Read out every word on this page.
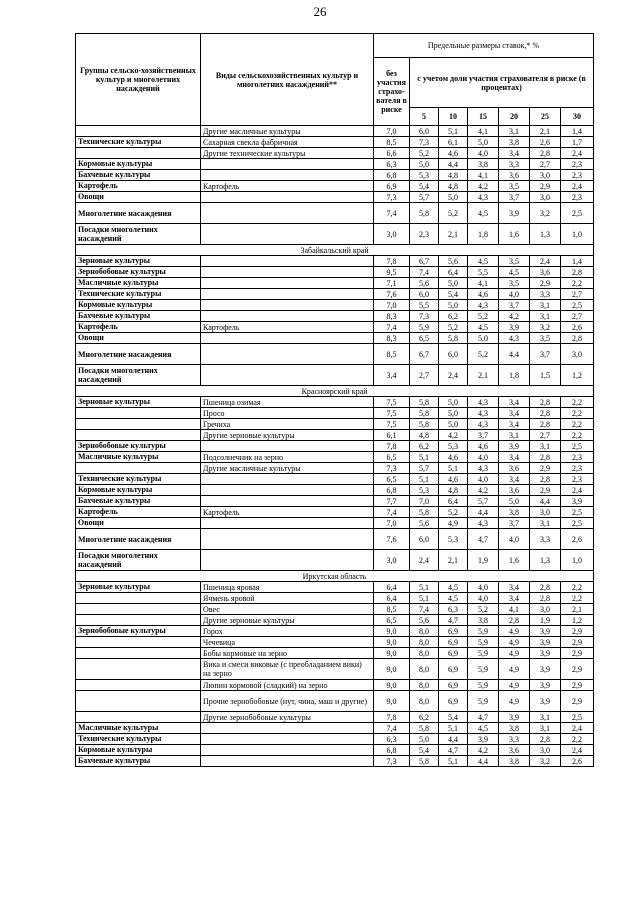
26
Группы сельско-хозяйственных культур и многолетних насаждений	Виды сельскохозяйственных культур и многолетних насаждений**	Предельные размеры ставок,* %						
		без участия страхо-вателя в риске	с учетом доли участия страхователя в риске (в процентах)					
			5	10	15	20	25	30
	Другие масличные культуры	7,0	6,0	5,1	4,1	3,1	2,1	1,4
Технические культуры	Сахарная свекла фабричная	8,5	7,3	6,1	5,0	3,8	2,6	1,7
	Другие технические культуры	6,6	5,2	4,6	4,0	3,4	2,8	2,4
Кормовые культуры		6,3	5,0	4,4	3,8	3,3	2,7	2,3
Бахчевые культуры		6,8	5,3	4,8	4,1	3,6	3,0	2,3
Картофель	Картофель	6,9	5,4	4,8	4,2	3,5	2,9	2,4
Овощи		7,3	5,7	5,0	4,3	3,7	3,0	2,3
Многолетние насаждения		7,4	5,8	5,2	4,5	3,9	3,2	2,5
Посадки многолетних насаждений		3,0	2,3	2,1	1,8	1,6	1,3	1,0
Забайкальский край								
Зерновые культуры		7,8	6,7	5,6	4,5	3,5	2,4	1,4
Зернобобовые культуры		9,5	7,4	6,4	5,5	4,5	3,6	2,8
Масличные культуры		7,1	5,6	5,0	4,1	3,5	2,9	2,2
Технические культуры		7,6	6,0	5,4	4,6	4,0	3,3	2,7
Кормовые культуры		7,0	5,5	5,0	4,3	3,7	3,1	2,5
Бахчевые культуры		8,3	7,3	6,2	5,2	4,2	3,1	2,7
Картофель	Картофель	7,4	5,9	5,2	4,5	3,9	3,2	2,6
Овощи		8,3	6,5	5,8	5,0	4,3	3,5	2,8
Многолетние насаждения		8,5	6,7	6,0	5,2	4,4	3,7	3,0
Посадки многолетних насаждений		3,4	2,7	2,4	2,1	1,8	1,5	1,2
Красноярский край								
Зерновые культуры	Пшеница озимая	7,5	5,8	5,0	4,3	3,4	2,8	2,2
	Просо	7,5	5,8	5,0	4,3	3,4	2,8	2,2
	Гречиха	7,5	5,8	5,0	4,3	3,4	2,8	2,2
	Другие зерновые культуры	6,1	4,8	4,2	3,7	3,1	2,7	2,2
Зернобобовые культуры		7,8	6,2	5,3	4,6	3,9	3,1	2,5
Масличные культуры	Подсолнечник на зерно	6,5	5,1	4,6	4,0	3,4	2,8	2,3
	Другие масличные культуры	7,3	5,7	5,1	4,3	3,6	2,9	2,3
Технические культуры		6,5	5,1	4,6	4,0	3,4	2,8	2,3
Кормовые культуры		6,8	5,3	4,8	4,2	3,6	2,9	2,4
Бахчевые культуры		7,7	7,0	6,4	5,7	5,0	4,4	3,9
Картофель	Картофель	7,4	5,8	5,2	4,4	3,8	3,0	2,5
Овощи		7,0	5,6	4,9	4,3	3,7	3,1	2,5
Многолетние насаждения		7,6	6,0	5,3	4,7	4,0	3,3	2,6
Посадки многолетних насаждений		3,0	2,4	2,1	1,9	1,6	1,3	1,0
Иркутская область								
Зерновые культуры	Пшеница яровая	6,4	5,1	4,5	4,0	3,4	2,8	2,2
	Ячмень яровой	6,4	5,1	4,5	4,0	3,4	2,8	2,2
	Овес	8,5	7,4	6,3	5,2	4,1	3,0	2,1
	Другие зерновые культуры	6,5	5,6	4,7	3,8	2,8	1,9	1,2
Зернобобовые культуры	Горох	9,0	8,0	6,9	5,9	4,9	3,9	2,9
	Чечевица	9,0	8,0	6,9	5,9	4,9	3,9	2,9
	Бобы кормовые на зерно	9,0	8,0	6,9	5,9	4,9	3,9	2,9
	Вика и смеси виковые (с преобладанием вики) на зерно	9,0	8,0	6,9	5,9	4,9	3,9	2,9
	Люпин кормовой (сладкий) на зерно	9,0	8,0	6,9	5,9	4,9	3,9	2,9
	Прочие зернобобовые (нут, чина, маш и другие)	9,0	8,0	6,9	5,9	4,9	3,9	2,9
	Другие зернобобовые культуры	7,8	6,2	5,4	4,7	3,9	3,1	2,5
Масличные культуры		7,4	5,8	5,1	4,5	3,8	3,1	2,4
Технические культуры		6,3	5,0	4,4	3,9	3,3	2,8	2,2
Кормовые культуры		6,8	5,4	4,7	4,2	3,6	3,0	2,4
Бахчевые культуры		7,3	5,8	5,1	4,4	3,8	3,2	2,6
